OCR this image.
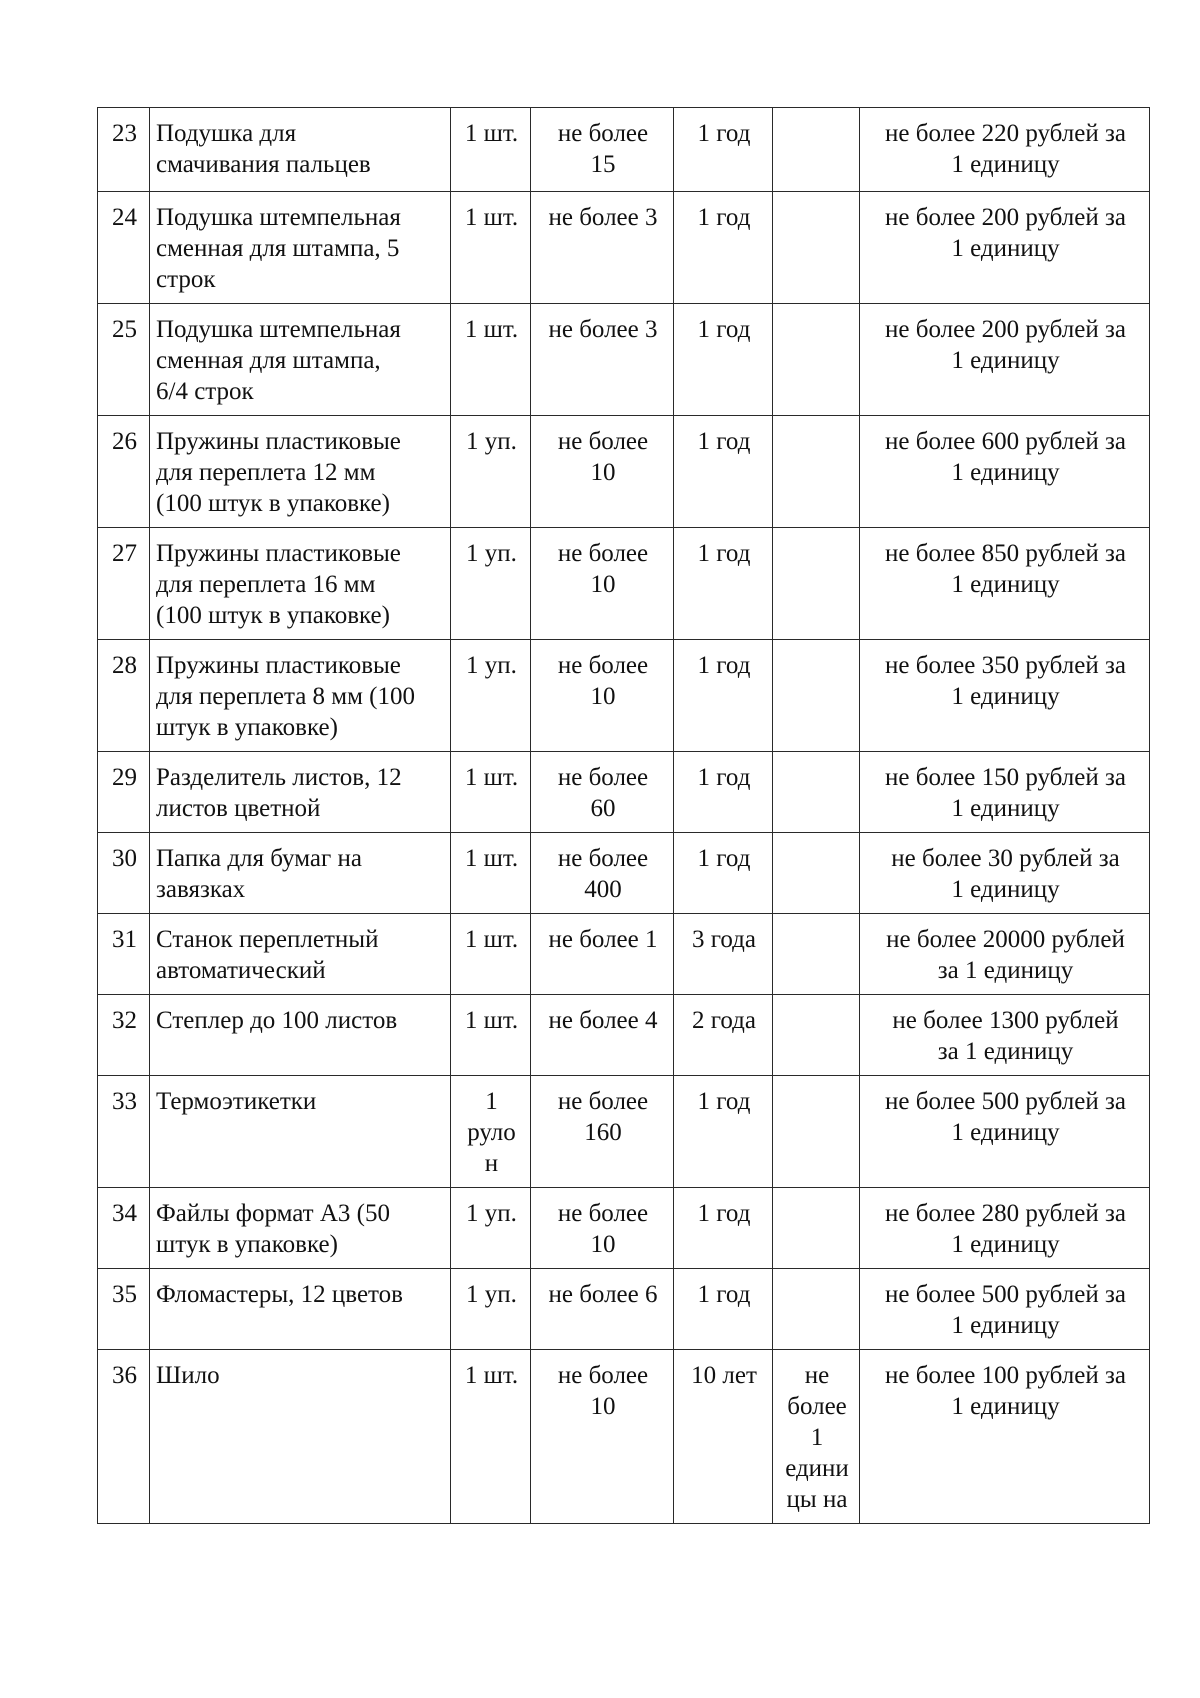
23	Подушка для
смачивания пальцев	1 шт.	не более
15	1 год		не более 220 рублей за
1 единицу
24	Подушка штемпельная
сменная для штампа, 5
строк	1 шт.	не более 3	1 год		не более 200 рублей за
1 единицу
25	Подушка штемпельная
сменная для штампа,
6/4 строк	1 шт.	не более 3	1 год		не более 200 рублей за
1 единицу
26	Пружины пластиковые
для переплета 12 мм
(100 штук в упаковке)	1 уп.	не более
10	1 год		не более 600 рублей за
1 единицу
27	Пружины пластиковые
для переплета 16 мм
(100 штук в упаковке)	1 уп.	не более
10	1 год		не более 850 рублей за
1 единицу
28	Пружины пластиковые
для переплета 8 мм (100
штук в упаковке)	1 уп.	не более
10	1 год		не более 350 рублей за
1 единицу
29	Разделитель листов, 12
листов цветной	1 шт.	не более
60	1 год		не более 150 рублей за
1 единицу
30	Папка для бумаг на
завязках	1 шт.	не более
400	1 год		не более 30 рублей за
1 единицу
31	Станок переплетный
автоматический	1 шт.	не более 1	3 года		не более 20000 рублей
за 1 единицу
32	Степлер до 100 листов	1 шт.	не более 4	2 года		не более 1300 рублей
за 1 единицу
33	Термоэтикетки	1
руло
н	не более
160	1 год		не более 500 рублей за
1 единицу
34	Файлы формат А3 (50
штук в упаковке)	1 уп.	не более
10	1 год		не более 280 рублей за
1 единицу
35	Фломастеры, 12 цветов	1 уп.	не более 6	1 год		не более 500 рублей за
1 единицу
36	Шило	1 шт.	не более
10	10 лет	не
более
1
едини
цы на	не более 100 рублей за
1 единицу
